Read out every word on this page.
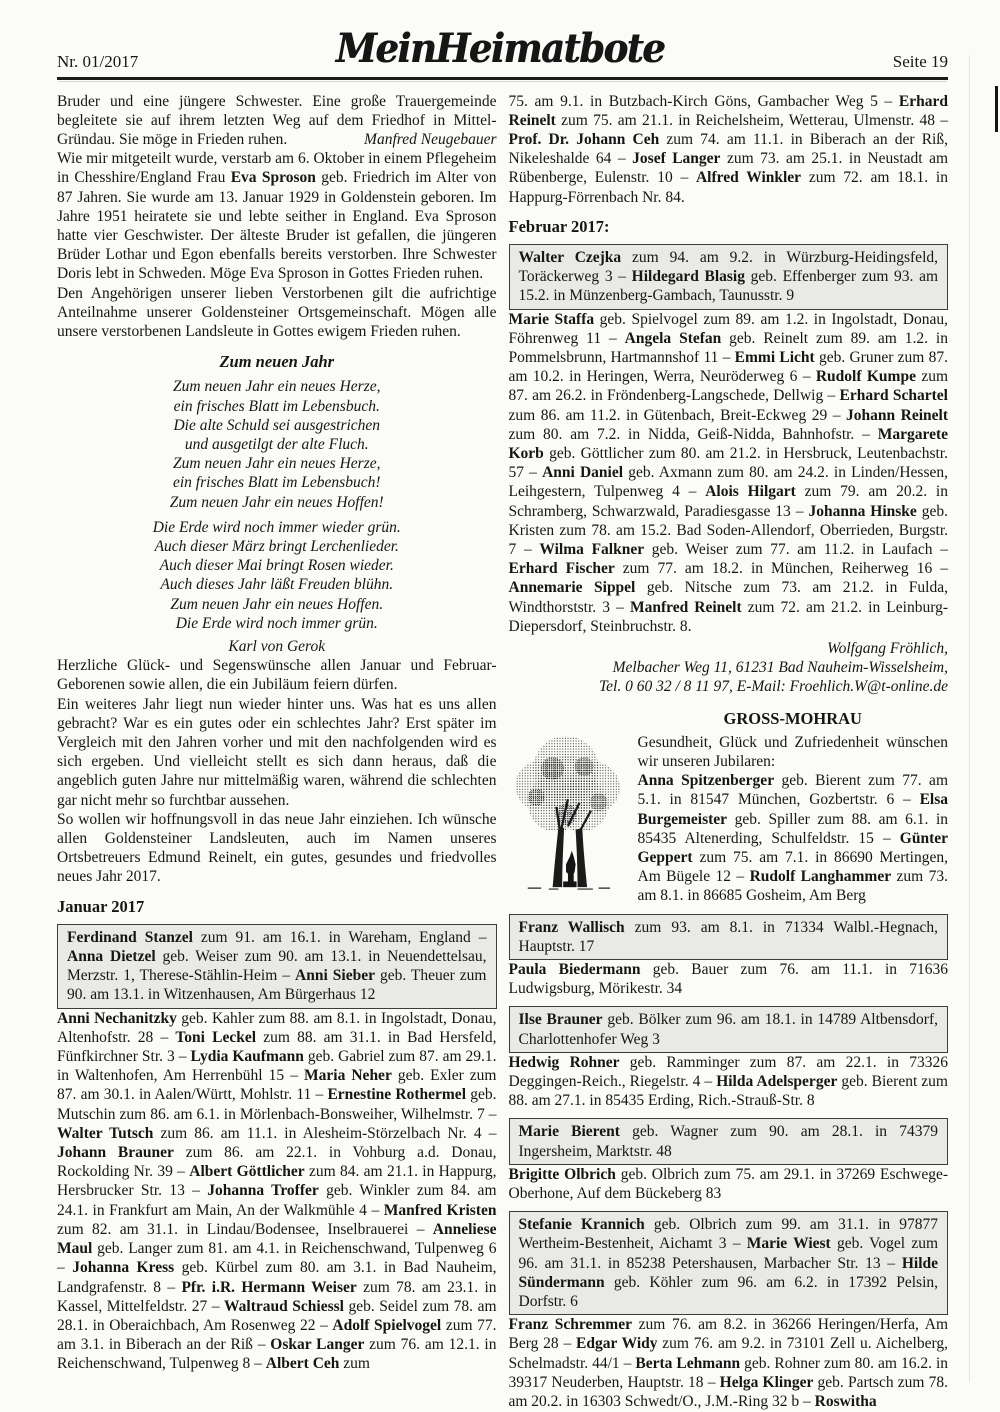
Nr. 01/2017	Seite 19
MeinHeimatbote
Bruder und eine jüngere Schwester. Eine große Trauergemeinde begleitete sie auf ihrem letzten Weg auf dem Friedhof in Mittel-Gründau. Sie möge in Frieden ruhen.	Manfred Neugebauer
Wie mir mitgeteilt wurde, verstarb am 6. Oktober in einem Pflegeheim in Chesshire/England Frau Eva Sproson geb. Friedrich im Alter von 87 Jahren. Sie wurde am 13. Januar 1929 in Goldenstein geboren. Im Jahre 1951 heiratete sie und lebte seither in England. Eva Sproson hatte vier Geschwister. Der älteste Bruder ist gefallen, die jüngeren Brüder Lothar und Egon ebenfalls bereits verstorben. Ihre Schwester Doris lebt in Schweden. Möge Eva Sproson in Gottes Frieden ruhen.
Den Angehörigen unserer lieben Verstorbenen gilt die aufrichtige Anteilnahme unserer Goldensteiner Ortsgemeinschaft. Mögen alle unsere verstorbenen Landsleute in Gottes ewigem Frieden ruhen.
Zum neuen Jahr
Zum neuen Jahr ein neues Herze,
ein frisches Blatt im Lebensbuch.
Die alte Schuld sei ausgestrichen
und ausgetilgt der alte Fluch.
Zum neuen Jahr ein neues Herze,
ein frisches Blatt im Lebensbuch!
Zum neuen Jahr ein neues Hoffen!
Die Erde wird noch immer wieder grün.
Auch dieser März bringt Lerchenlieder.
Auch dieser Mai bringt Rosen wieder.
Auch dieses Jahr läßt Freuden blühn.
Zum neuen Jahr ein neues Hoffen.
Die Erde wird noch immer grün.
Karl von Gerok
Herzliche Glück- und Segenswünsche allen Januar und Februar-Geborenen sowie allen, die ein Jubiläum feiern dürfen.
Ein weiteres Jahr liegt nun wieder hinter uns. Was hat es uns allen gebracht? War es ein gutes oder ein schlechtes Jahr? Erst später im Vergleich mit den Jahren vorher und mit den nachfolgenden wird es sich ergeben. Und vielleicht stellt es sich dann heraus, daß die angeblich guten Jahre nur mittelmäßig waren, während die schlechten gar nicht mehr so furchtbar aussehen.
So wollen wir hoffnungsvoll in das neue Jahr einziehen. Ich wünsche allen Goldensteiner Landsleuten, auch im Namen unseres Ortsbetreuers Edmund Reinelt, ein gutes, gesundes und friedvolles neues Jahr 2017.
Januar 2017
Ferdinand Stanzel zum 91. am 16.1. in Wareham, England – Anna Dietzel geb. Weiser zum 90. am 13.1. in Neuendettelsau, Merzstr. 1, Therese-Stählin-Heim – Anni Sieber geb. Theuer zum 90. am 13.1. in Witzenhausen, Am Bürgerhaus 12
Anni Nechanitzky geb. Kahler zum 88. am 8.1. in Ingolstadt, Donau, Altenhofstr. 28 – Toni Leckel zum 88. am 31.1. in Bad Hersfeld, Fünfkirchner Str. 3 – Lydia Kaufmann geb. Gabriel zum 87. am 29.1. in Waltenhofen, Am Herrenbühl 15 – Maria Neher geb. Exler zum 87. am 30.1. in Aalen/Württ, Mohlstr. 11 – Ernestine Rothermel geb. Mutschin zum 86. am 6.1. in Mörlenbach-Bonsweiher, Wilhelmstr. 7 – Walter Tutsch zum 86. am 11.1. in Alesheim-Störzelbach Nr. 4 – Johann Brauner zum 86. am 22.1. in Vohburg a.d. Donau, Rockolding Nr. 39 – Albert Göttlicher zum 84. am 21.1. in Happurg, Hersbrucker Str. 13 – Johanna Troffer geb. Winkler zum 84. am 24.1. in Frankfurt am Main, An der Walkmühle 4 – Manfred Kristen zum 82. am 31.1. in Lindau/Bodensee, Inselbrauerei – Anneliese Maul geb. Langer zum 81. am 4.1. in Reichenschwand, Tulpenweg 6 – Johanna Kress geb. Kürbel zum 80. am 3.1. in Bad Nauheim, Landgrafenstr. 8 – Pfr. i.R. Hermann Weiser zum 78. am 23.1. in Kassel, Mittelfeldstr. 27 – Waltraud Schiessl geb. Seidel zum 78. am 28.1. in Oberaichbach, Am Rosenweg 22 – Adolf Spielvogel zum 77. am 3.1. in Biberach an der Riß – Oskar Langer zum 76. am 12.1. in Reichenschwand, Tulpenweg 8 – Albert Ceh zum
75. am 9.1. in Butzbach-Kirch Göns, Gambacher Weg 5 – Erhard Reinelt zum 75. am 21.1. in Reichelsheim, Wetterau, Ulmenstr. 48 – Prof. Dr. Johann Ceh zum 74. am 11.1. in Biberach an der Riß, Nikeleshalde 64 – Josef Langer zum 73. am 25.1. in Neustadt am Rübenberge, Eulenstr. 10 – Alfred Winkler zum 72. am 18.1. in Happurg-Förrenbach Nr. 84.
Februar 2017:
Walter Czejka zum 94. am 9.2. in Würzburg-Heidingsfeld, Toräckerweg 3 – Hildegard Blasig geb. Effenberger zum 93. am 15.2. in Münzenberg-Gambach, Taunusstr. 9
Marie Staffa geb. Spielvogel zum 89. am 1.2. in Ingolstadt, Donau, Föhrenweg 11 – Angela Stefan geb. Reinelt zum 89. am 1.2. in Pommelsbrunn, Hartmannshof 11 – Emmi Licht geb. Gruner zum 87. am 10.2. in Heringen, Werra, Neuröderweg 6 – Rudolf Kumpe zum 87. am 26.2. in Fröndenberg-Langschede, Dellwig – Erhard Schartel zum 86. am 11.2. in Gütenbach, Breit-Eckweg 29 – Johann Reinelt zum 80. am 7.2. in Nidda, Geiß-Nidda, Bahnhofstr. – Margarete Korb geb. Göttlicher zum 80. am 21.2. in Hersbruck, Leutenbachstr. 57 – Anni Daniel geb. Axmann zum 80. am 24.2. in Linden/Hessen, Leihgestern, Tulpenweg 4 – Alois Hilgart zum 79. am 20.2. in Schramberg, Schwarzwald, Paradiesgasse 13 – Johanna Hinske geb. Kristen zum 78. am 15.2. Bad Soden-Allendorf, Oberrieden, Burgstr. 7 – Wilma Falkner geb. Weiser zum 77. am 11.2. in Laufach – Erhard Fischer zum 77. am 18.2. in München, Reiherweg 16 – Annemarie Sippel geb. Nitsche zum 73. am 21.2. in Fulda, Windthorststr. 3 – Manfred Reinelt zum 72. am 21.2. in Leinburg-Diepersdorf, Steinbruchstr. 8.
Wolfgang Fröhlich,
Melbacher Weg 11, 61231 Bad Nauheim-Wisselsheim,
Tel. 0 60 32 / 8 11 97, E-Mail: Froehlich.W@t-online.de
GROSS-MOHRAU
Gesundheit, Glück und Zufriedenheit wünschen wir unseren Jubilaren:
Anna Spitzenberger geb. Bierent zum 77. am 5.1. in 81547 München, Gozbertstr. 6 – Elsa Burgemeister geb. Spiller zum 88. am 6.1. in 85435 Altenerding, Schulfeldstr. 15 – Günter Geppert zum 75. am 7.1. in 86690 Mertingen, Am Bügele 12 – Rudolf Langhammer zum 73. am 8.1. in 86685 Gosheim, Am Berg
Franz Wallisch zum 93. am 8.1. in 71334 Walbl.-Hegnach, Hauptstr. 17
Paula Biedermann geb. Bauer zum 76. am 11.1. in 71636 Ludwigsburg, Mörikestr. 34
Ilse Brauner geb. Bölker zum 96. am 18.1. in 14789 Altbensdorf, Charlottenhofer Weg 3
Hedwig Rohner geb. Ramminger zum 87. am 22.1. in 73326 Deggingen-Reich., Riegelstr. 4 – Hilda Adelsperger geb. Bierent zum 88. am 27.1. in 85435 Erding, Rich.-Strauß-Str. 8
Marie Bierent geb. Wagner zum 90. am 28.1. in 74379 Ingersheim, Marktstr. 48
Brigitte Olbrich geb. Olbrich zum 75. am 29.1. in 37269 Eschwege-Oberhone, Auf dem Bückeberg 83
Stefanie Krannich geb. Olbrich zum 99. am 31.1. in 97877 Wertheim-Bestenheit, Aichamt 3 – Marie Wiest geb. Vogel zum 96. am 31.1. in 85238 Petershausen, Marbacher Str. 13 – Hilde Sündermann geb. Köhler zum 96. am 6.2. in 17392 Pelsin, Dorfstr. 6
Franz Schremmer zum 76. am 8.2. in 36266 Heringen/Herfa, Am Berg 28 – Edgar Widy zum 76. am 9.2. in 73101 Zell u. Aichelberg, Schelmadstr. 44/1 – Berta Lehmann geb. Rohner zum 80. am 16.2. in 39317 Neuderben, Hauptstr. 18 – Helga Klinger geb. Partsch zum 78. am 20.2. in 16303 Schwedt/O., J.M.-Ring 32 b – Roswitha
